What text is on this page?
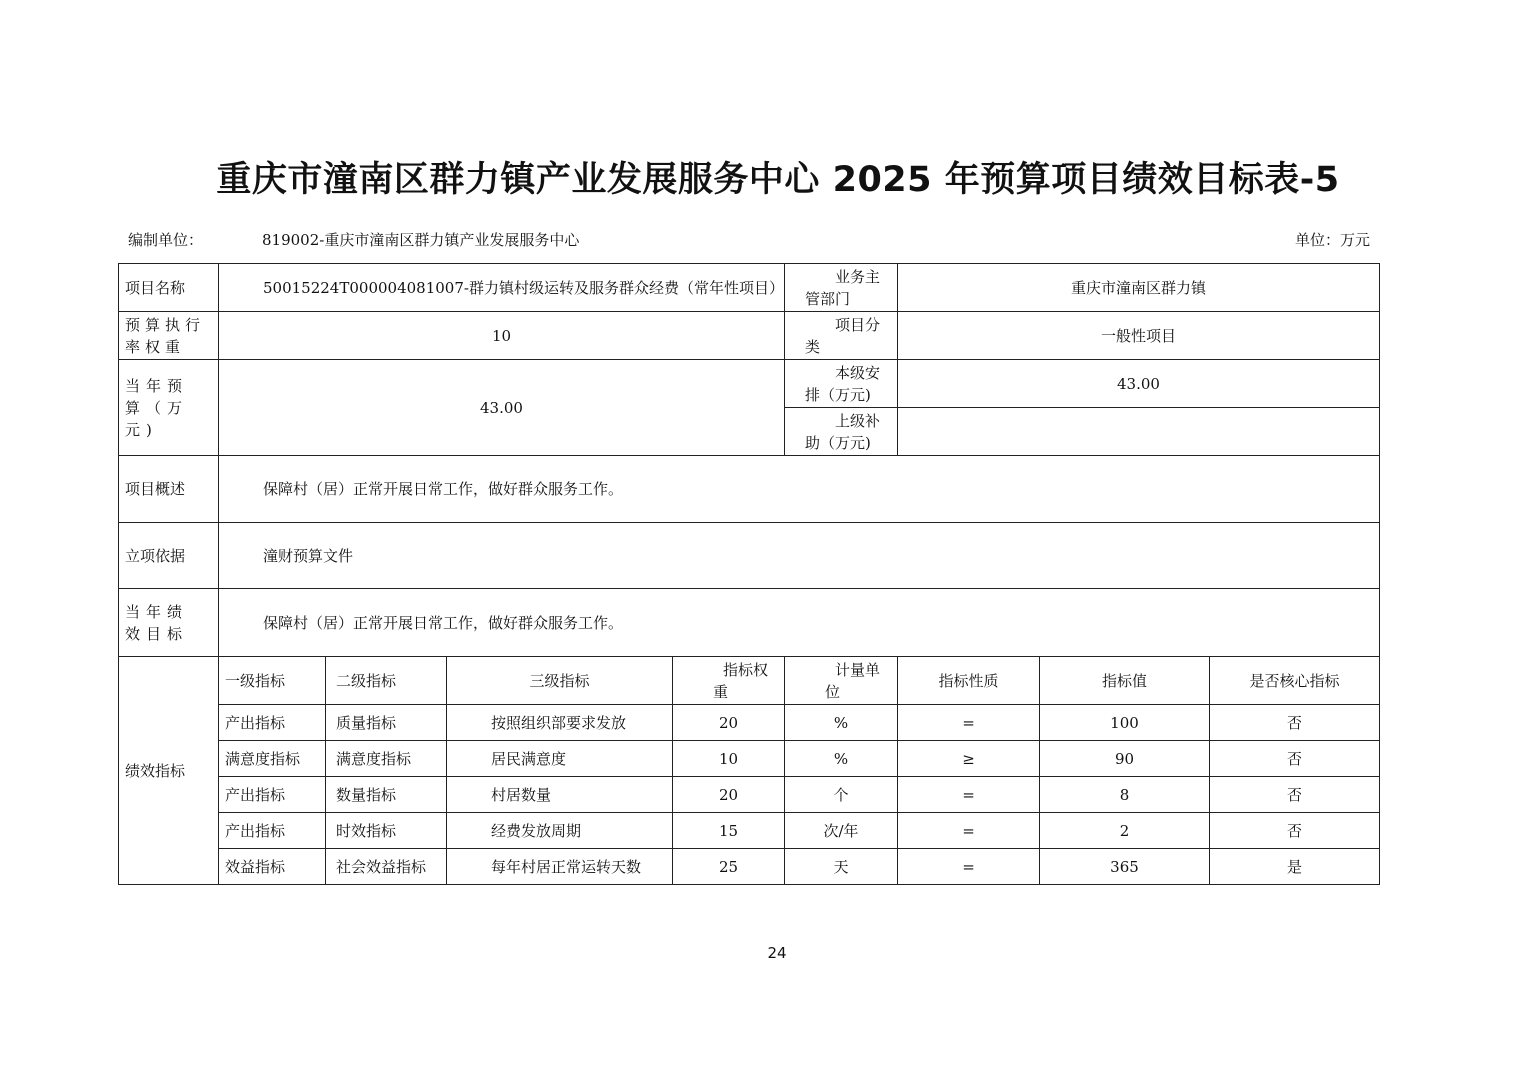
重庆市潼南区群力镇产业发展服务中心 2025 年预算项目绩效目标表-5
编制单位：	819002-重庆市潼南区群力镇产业发展服务中心	单位：万元
项目名称	50015224T000004081007-群力镇村级运转及服务群众经费（常年性项目）				业务主管部门	重庆市潼南区群力镇		

预算执行率权重	10				项目分类	一般性项目		

当年预算（万元)	43.00				本级安排（万元)	43.00		

					上级补助（万元)			

项目概述	保障村（居）正常开展日常工作，做好群众服务工作。							
立项依据	潼财预算文件							

当年绩效目标	保障村（居）正常开展日常工作，做好群众服务工作。							
绩效指标	一级指标	二级指标	三级指标	指标权重	计量单位	指标性质	指标值	是否核心指标
	产出指标	质量指标	按照组织部要求发放	20	%	=	100	否
	满意度指标	满意度指标	居民满意度	10	%	≥	90	否
	产出指标	数量指标	村居数量	20	个	=	8	否
	产出指标	时效指标	经费发放周期	15	次/年	=	2	否
	效益指标	社会效益指标	每年村居正常运转天数	25	天	=	365	是
24
